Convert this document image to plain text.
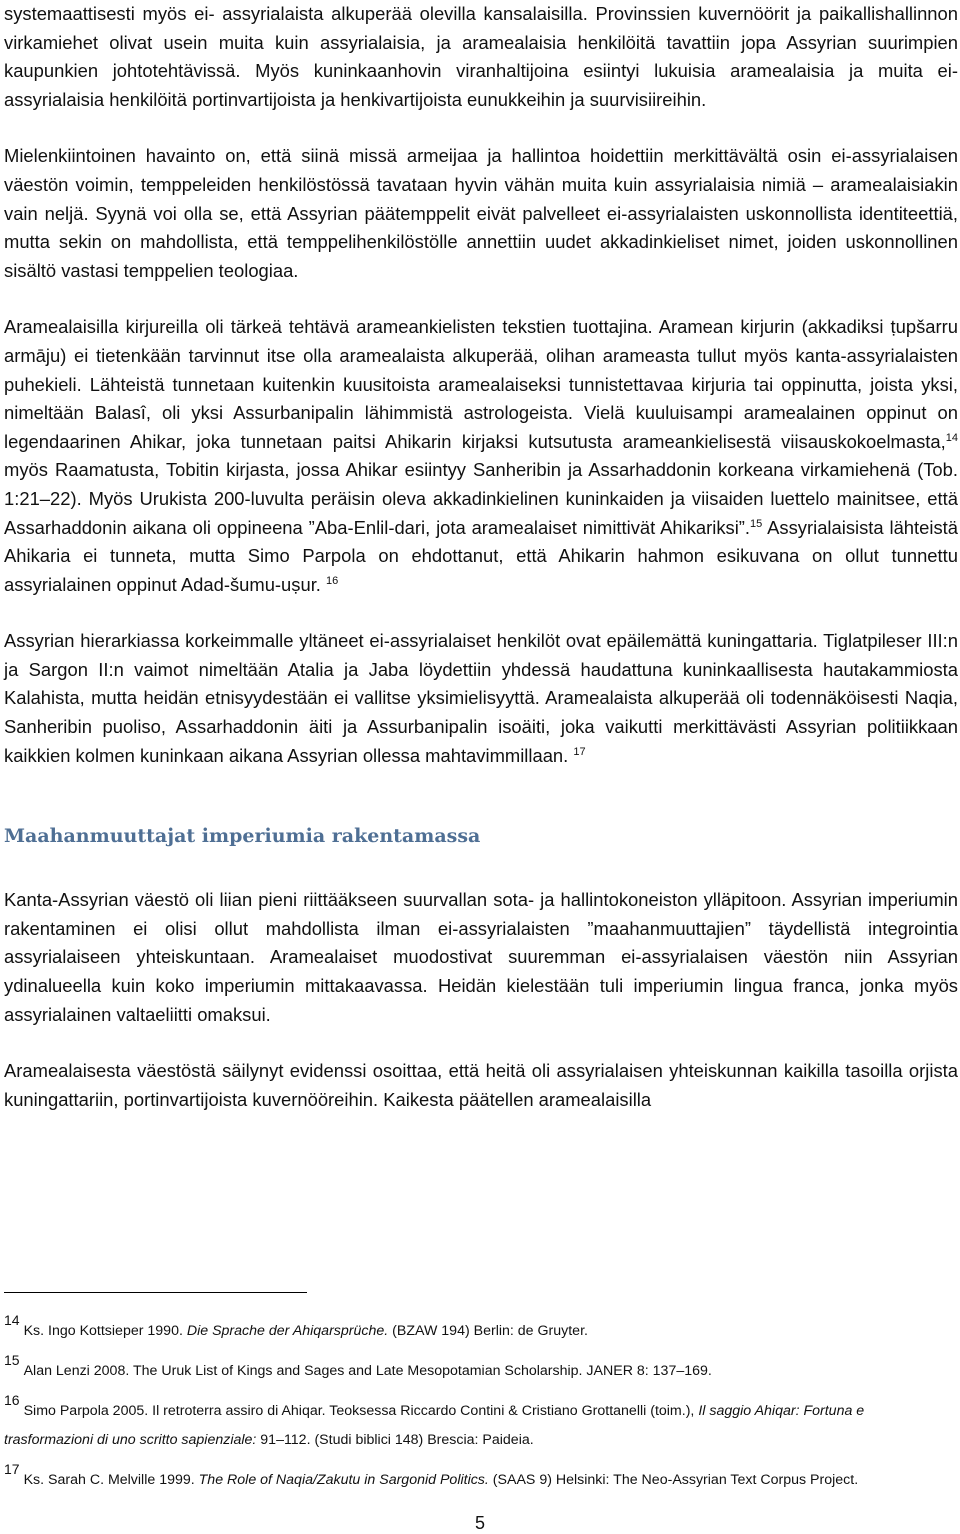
systemaattisesti myös ei- assyrialaista alkuperää olevilla kansalaisilla. Provinssien kuvernöörit ja paikallishallinnon virkamiehet olivat usein muita kuin assyrialaisia, ja aramealaisia henkilöitä tavattiin jopa Assyrian suurimpien kaupunkien johtotehtävissä. Myös kuninkaanhovin viranhaltijoina esiintyi lukuisia aramealaisia ja muita ei-assyrialaisia henkilöitä portinvartijoista ja henkivartijoista eunukkeihin ja suurvisiireihin.

Mielenkiintoinen havainto on, että siinä missä armeijaa ja hallintoa hoidettiin merkittävältä osin ei-assyrialaisen väestön voimin, temppeleiden henkilöstössä tavataan hyvin vähän muita kuin assyrialaisia nimiä – aramealaisiakin vain neljä. Syynä voi olla se, että Assyrian päätemppelit eivät palvelleet ei-assyrialaisten uskonnollista identiteettiä, mutta sekin on mahdollista, että temppelihenkilöstölle annettiin uudet akkadinkieliset nimet, joiden uskonnollinen sisältö vastasi temppelien teologiaa.

Aramealaisilla kirjureilla oli tärkeä tehtävä arameankielisten tekstien tuottajina. Aramean kirjurin (akkadiksi ṭupšarru armāju) ei tietenkään tarvinnut itse olla aramealaista alkuperää, olihan arameasta tullut myös kanta-assyrialaisten puhekieli. Lähteistä tunnetaan kuitenkin kuusitoista aramealaiseksi tunnistettavaa kirjuria tai oppinutta, joista yksi, nimeltään Balasî, oli yksi Assurbanipalin lähimmistä astrologeista. Vielä kuuluisampi aramealainen oppinut on legendaarinen Ahikar, joka tunnetaan paitsi Ahikarin kirjaksi kutsutusta arameankielisestä viisauskokoelmasta,$^{14}$ myös Raamatusta, Tobitin kirjasta, jossa Ahikar esiintyy Sanheribin ja Assarhaddonin korkeana virkamiehenä (Tob. 1:21–22). Myös Urukista 200-luvulta peräisin oleva akkadinkielinen kuninkaiden ja viisaiden luettelo mainitsee, että Assarhaddonin aikana oli oppineena ”Aba-Enlil-dari, jota aramealaiset nimittivät Ahikariksi”.$^{15}$ Assyrialaisista lähteistä Ahikaria ei tunneta, mutta Simo Parpola on ehdottanut, että Ahikarin hahmon esikuvana on ollut tunnettu assyrialainen oppinut Adad-šumu-uṣur. $^{16}$

Assyrian hierarkiassa korkeimmalle yltäneet ei-assyrialaiset henkilöt ovat epäilemättä kuningattaria. Tiglatpileser III:n ja Sargon II:n vaimot nimeltään Atalia ja Jaba löydettiin yhdessä haudattuna kuninkaallisesta hautakammiosta Kalahista, mutta heidän etnisyydestään ei vallitse yksimielisyyttä. Aramealaista alkuperää oli todennäköisesti Naqia, Sanheribin puoliso, Assarhaddonin äiti ja Assurbanipalin isoäiti, joka vaikutti merkittävästi Assyrian politiikkaan kaikkien kolmen kuninkaan aikana Assyrian ollessa mahtavimmillaan. $^{17}$

Maahanmuuttajat imperiumia rakentamassa

Kanta-Assyrian väestö oli liian pieni riittääkseen suurvallan sota- ja hallintokoneiston ylläpitoon. Assyrian imperiumin rakentaminen ei olisi ollut mahdollista ilman ei-assyrialaisten ”maahanmuuttajien” täydellistä integrointia assyrialaiseen yhteiskuntaan. Aramealaiset muodostivat suuremman ei-assyrialaisen väestön niin Assyrian ydinalueella kuin koko imperiumin mittakaavassa. Heidän kielestään tuli imperiumin lingua franca, jonka myös assyrialainen valtaeliitti omaksui.

Aramealaisesta väestöstä säilynyt evidenssi osoittaa, että heitä oli assyrialaisen yhteiskunnan kaikilla tasoilla orjista kuningattariin, portinvartijoista kuvernööreihin. Kaikesta päätellen aramealaisilla

14Ks. Ingo Kottsieper 1990. Die Sprache der Ahiqarsprüche. (BZAW 194) Berlin: de Gruyter.

15Alan Lenzi 2008. The Uruk List of Kings and Sages and Late Mesopotamian Scholarship. JANER 8: 137–169.

16Simo Parpola 2005. Il retroterra assiro di Ahiqar. Teoksessa Riccardo Contini & Cristiano Grottanelli (toim.), Il saggio Ahiqar: Fortuna e trasformazioni di uno scritto sapienziale: 91–112. (Studi biblici 148) Brescia: Paideia.

17Ks. Sarah C. Melville 1999. The Role of Naqia/Zakutu in Sargonid Politics. (SAAS 9) Helsinki: The Neo-Assyrian Text Corpus Project.

5
